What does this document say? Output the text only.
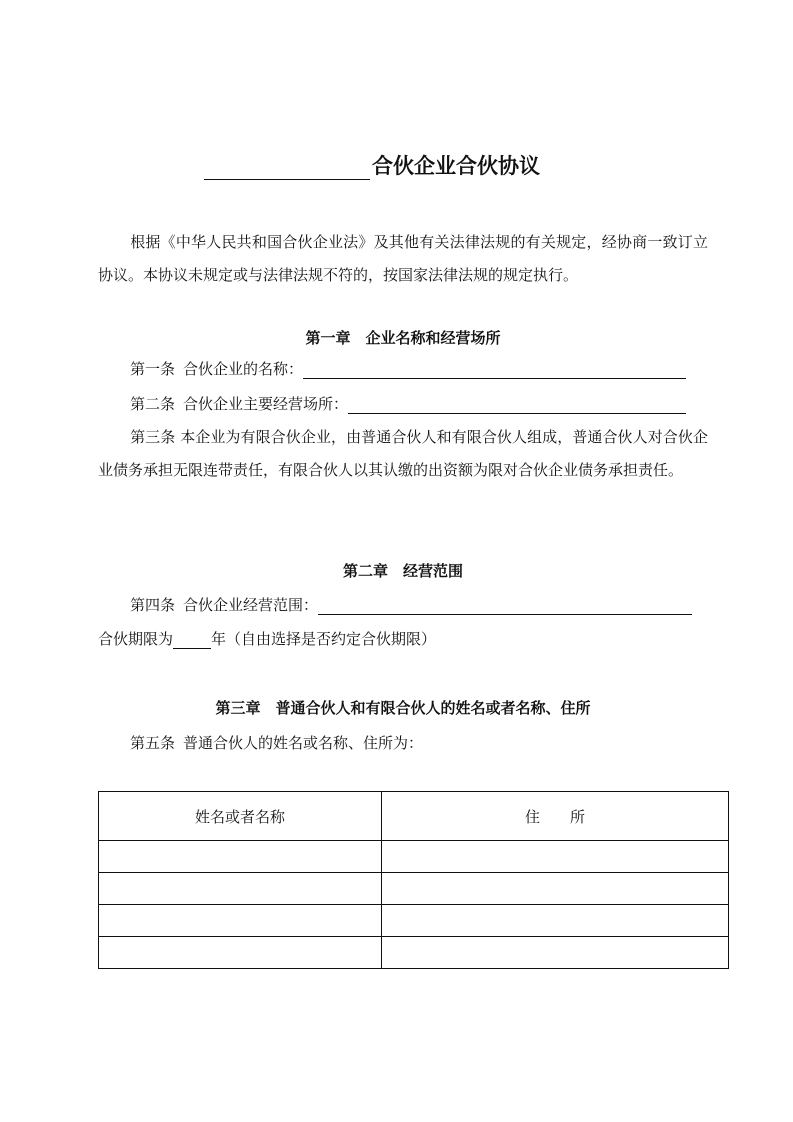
合伙企业合伙协议
根据《中华人民共和国合伙企业法》及其他有关法律法规的有关规定，经协商一致订立协议。本协议未规定或与法律法规不符的，按国家法律法规的规定执行。
第一章　企业名称和经营场所
第一条 合伙企业的名称：
第二条 合伙企业主要经营场所：
第三条 本企业为有限合伙企业，由普通合伙人和有限合伙人组成，普通合伙人对合伙企业债务承担无限连带责任，有限合伙人以其认缴的出资额为限对合伙企业债务承担责任。
第二章　经营范围
第四条 合伙企业经营范围：
合伙期限为	年（自由选择是否约定合伙期限）
第三章　普通合伙人和有限合伙人的姓名或者名称、住所
第五条 普通合伙人的姓名或名称、住所为：
姓名或者名称	住　　所
